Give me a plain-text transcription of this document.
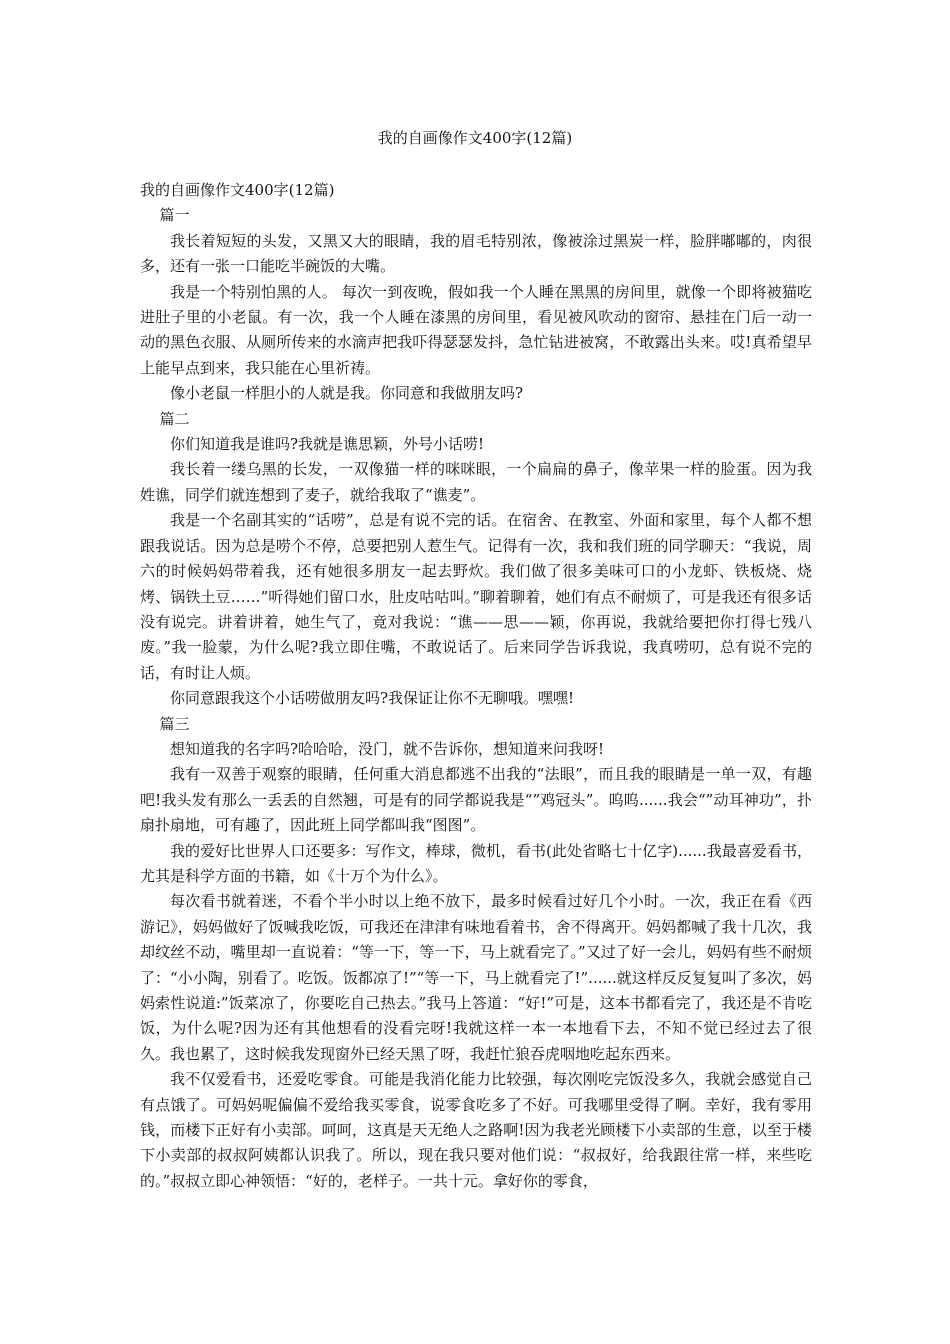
我的自画像作文400字(12篇)

我的自画像作文400字(12篇)

篇一

我长着短短的头发，又黑又大的眼睛，我的眉毛特别浓，像被涂过黑炭一样，脸胖嘟嘟的，肉很多，还有一张一口能吃半碗饭的大嘴。

我是一个特别怕黑的人。 每次一到夜晚，假如我一个人睡在黑黑的房间里，就像一个即将被猫吃进肚子里的小老鼠。有一次，我一个人睡在漆黑的房间里，看见被风吹动的窗帘、悬挂在门后一动一动的黑色衣服、从厕所传来的水滴声把我吓得瑟瑟发抖，急忙钻进被窝，不敢露出头来。哎!真希望早上能早点到来，我只能在心里祈祷。

像小老鼠一样胆小的人就是我。你同意和我做朋友吗?

篇二

你们知道我是谁吗?我就是谯思颖，外号小话唠!

我长着一缕乌黑的长发，一双像猫一样的咪咪眼，一个扁扁的鼻子，像苹果一样的脸蛋。因为我姓谯，同学们就连想到了麦子，就给我取了“谯麦”。

我是一个名副其实的“话唠”，总是有说不完的话。在宿舍、在教室、外面和家里，每个人都不想跟我说话。因为总是唠个不停，总要把别人惹生气。记得有一次，我和我们班的同学聊天：“我说，周六的时候妈妈带着我，还有她很多朋友一起去野炊。我们做了很多美味可口的小龙虾、铁板烧、烧烤、锅铁土豆……”听得她们留口水，肚皮咕咕叫。”聊着聊着，她们有点不耐烦了，可是我还有很多话没有说完。讲着讲着，她生气了，竟对我说：“谯——思——颖，你再说，我就给要把你打得七残八废。”我一脸蒙，为什么呢?我立即住嘴，不敢说话了。后来同学告诉我说，我真唠叨，总有说不完的话，有时让人烦。

你同意跟我这个小话唠做朋友吗?我保证让你不无聊哦。嘿嘿!

篇三

想知道我的名字吗?哈哈哈，没门，就不告诉你，想知道来问我呀!

我有一双善于观察的眼睛，任何重大消息都逃不出我的“法眼”，而且我的眼睛是一单一双，有趣吧!我头发有那么一丢丢的自然翘，可是有的同学都说我是“”鸡冠头”。呜呜......我会“”动耳神功”，扑扇扑扇地，可有趣了，因此班上同学都叫我“图图”。

我的爱好比世界人口还要多：写作文，棒球，微机，看书(此处省略七十亿字)......我最喜爱看书，尤其是科学方面的书籍，如《十万个为什么》。

每次看书就着迷，不看个半小时以上绝不放下，最多时候看过好几个小时。一次，我正在看《西游记》，妈妈做好了饭喊我吃饭，可我还在津津有味地看着书，舍不得离开。妈妈都喊了我十几次，我却纹丝不动，嘴里却一直说着：“等一下，等一下，马上就看完了。”又过了好一会儿，妈妈有些不耐烦了：“小小陶，别看了。吃饭。饭都凉了!”“等一下，马上就看完了!”......就这样反反复复叫了多次，妈妈索性说道:”饭菜凉了，你要吃自己热去。”我马上答道：“好!”可是，这本书都看完了，我还是不肯吃饭，为什么呢?因为还有其他想看的没看完呀!我就这样一本一本地看下去，不知不觉已经过去了很久。我也累了，这时候我发现窗外已经天黑了呀，我赶忙狼吞虎咽地吃起东西来。

我不仅爱看书，还爱吃零食。可能是我消化能力比较强，每次刚吃完饭没多久，我就会感觉自己有点饿了。可妈妈呢偏偏不爱给我买零食，说零食吃多了不好。可我哪里受得了啊。幸好，我有零用钱，而楼下正好有小卖部。呵呵，这真是天无绝人之路啊!因为我老光顾楼下小卖部的生意，以至于楼下小卖部的叔叔阿姨都认识我了。所以，现在我只要对他们说：“叔叔好，给我跟往常一样，来些吃的。”叔叔立即心神领悟：“好的，老样子。一共十元。拿好你的零食，
